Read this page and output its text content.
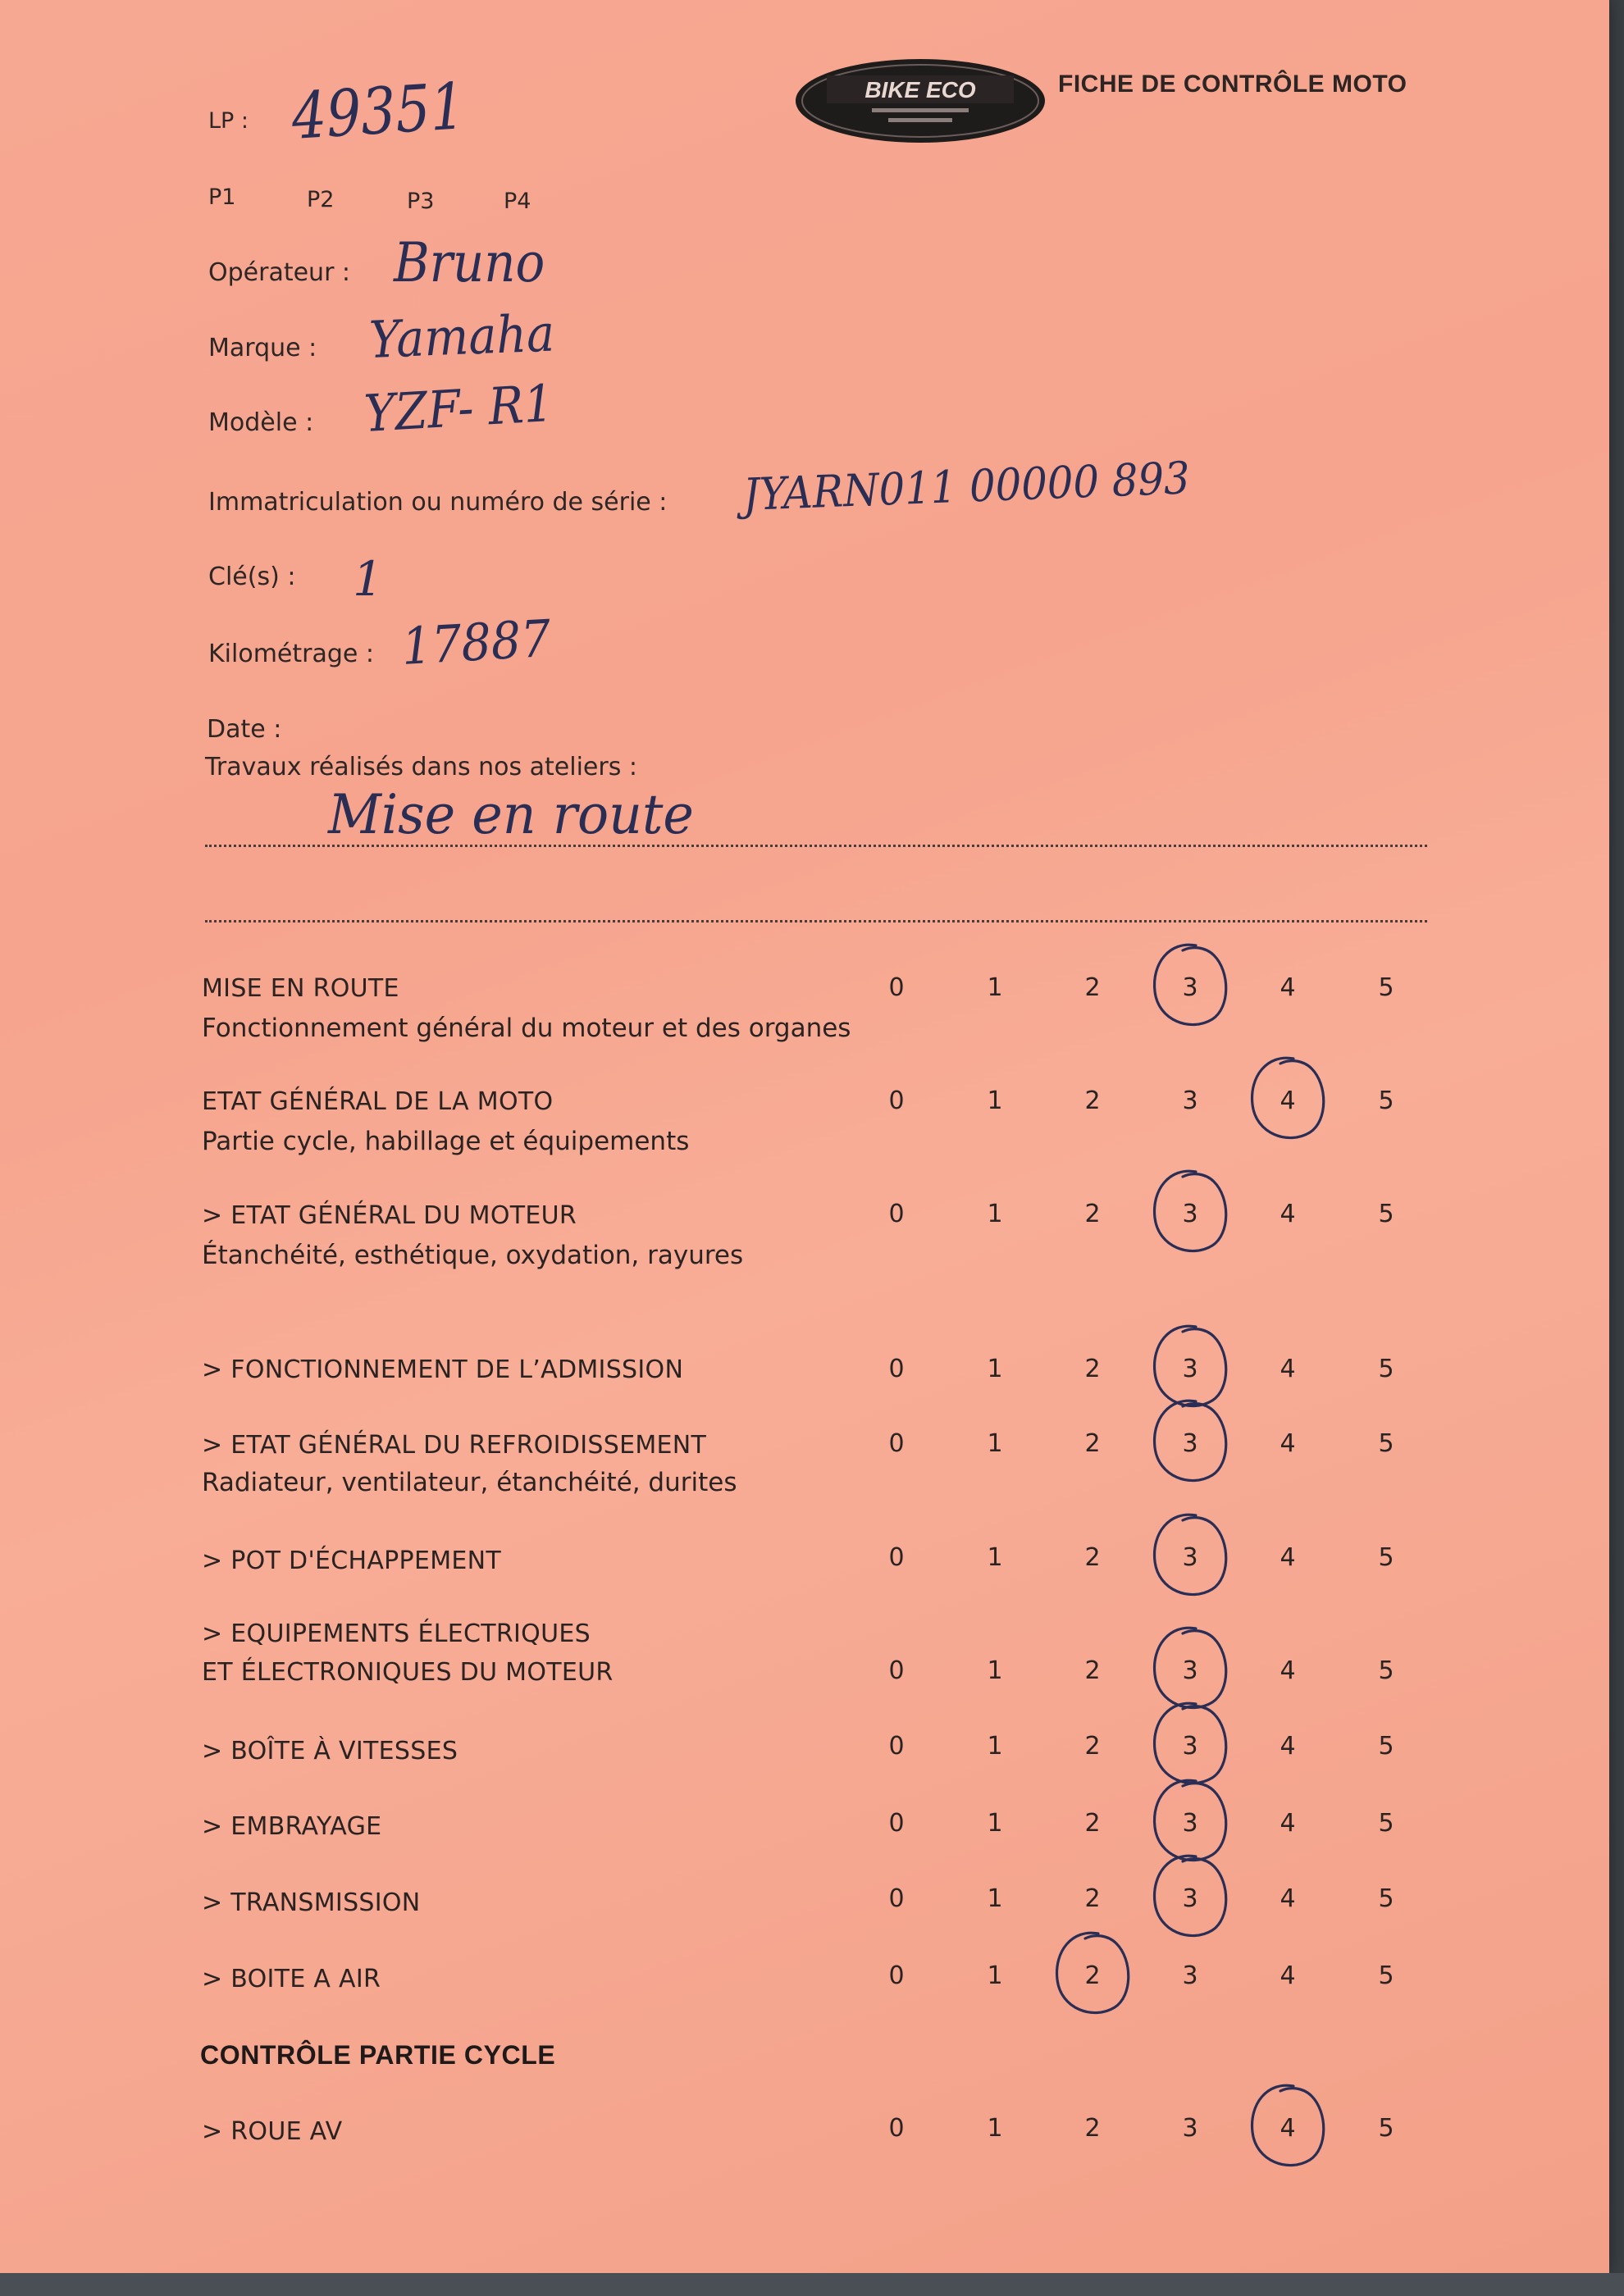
BIKE ECO	FICHE DE CONTRÔLE MOTO
LP : 49351
P1	P2	P3	P4
Opérateur : Bruno
Marque : Yamaha
Modèle : YZF- R1
Immatriculation ou numéro de série : JYARN011 00000 893
Clé(s) : 1
Kilométrage : 17887
Date :
Travaux réalisés dans nos ateliers :
Mise en route
MISE EN ROUTE
Fonctionnement général du moteur et des organes
0	1	2	3	4	5
ETAT GÉNÉRAL DE LA MOTO
Partie cycle, habillage et équipements
0	1	2	3	4	5
> ETAT GÉNÉRAL DU MOTEUR
Étanchéité, esthétique, oxydation, rayures
0	1	2	3	4	5
> FONCTIONNEMENT DE L’ADMISSION	0	1	2	3	4	5
> ETAT GÉNÉRAL DU REFROIDISSEMENT
Radiateur, ventilateur, étanchéité, durites
0	1	2	3	4	5
> POT D'ÉCHAPPEMENT	0	1	2	3	4	5
> EQUIPEMENTS ÉLECTRIQUES
ET ÉLECTRONIQUES DU MOTEUR	0	1	2	3	4	5
> BOÎTE À VITESSES	0	1	2	3	4	5
> EMBRAYAGE	0	1	2	3	4	5
> TRANSMISSION	0	1	2	3	4	5
> BOITE A AIR	0	1	2	3	4	5
CONTRÔLE PARTIE CYCLE
> ROUE AV	0	1	2	3	4	5
